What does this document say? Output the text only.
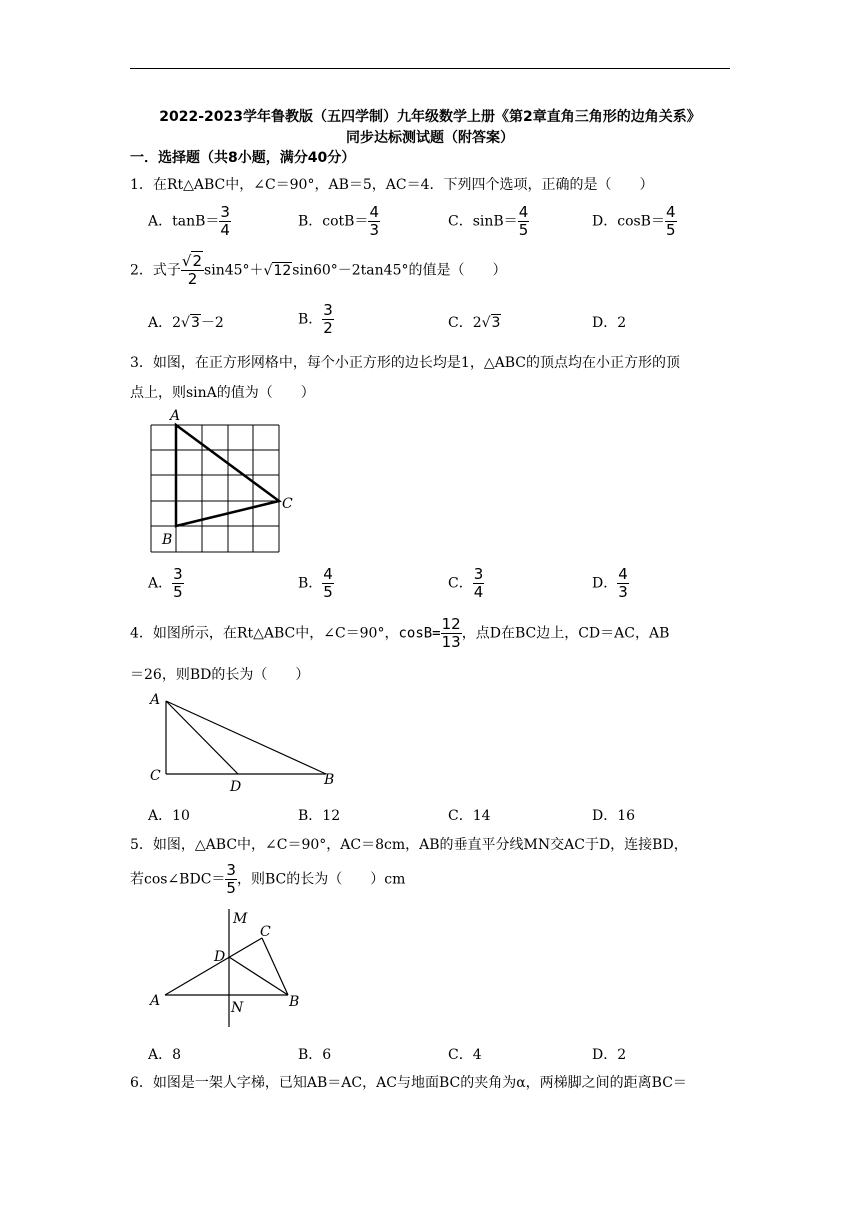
2022-2023学年鲁教版（五四学制）九年级数学上册《第2章直角三角形的边角关系》
同步达标测试题（附答案）
一．选择题（共8小题，满分40分）
1．在Rt△ABC中，∠C＝90°，AB＝5，AC＝4．下列四个选项，正确的是（　　）
A．$\tan B= \frac{3}{4}$	B．$\cot B= \frac{4}{3}$	C．$\sin B= \frac{4}{5}$	D．$\cos B= \frac{4}{5}$
2．式子 $\frac{√2}{2} \sin 45^\circ+√12\sin 60^\circ-2\tan 45^\circ$的值是（　　）
A．2√3－2	B． $\frac{3}{2}$	C．2√3	D．2
3．如图，在正方形网格中，每个小正方形的边长均是1，△ABC的顶点均在小正方形的顶
点上，则sinA的值为（　　）
A
C
B
A． $\frac{3}{5}$	B． $\frac{4}{5}$	C． $\frac{3}{4}$	D． $\frac{4}{3}$
4．如图所示，在Rt△ABC中，∠C＝90°，$\cos B= \frac{12}{13}$ ，点D在BC边上，CD＝AC，AB
＝26，则BD的长为（　　）
A
C
D	B
A．10	B．12	C．14	D．16
5．如图，△ABC中，∠C＝90°，AC＝8cm，AB的垂直平分线MN交AC于D，连接BD，
若cos∠BDC＝ $\frac{3}{5}$ ，则BC的长为（　　）cm
M
C
D
A	N	B
A．8	B．6	C．4	D．2
6．如图是一架人字梯，已知AB＝AC，AC与地面BC的夹角为α，两梯脚之间的距离BC＝
